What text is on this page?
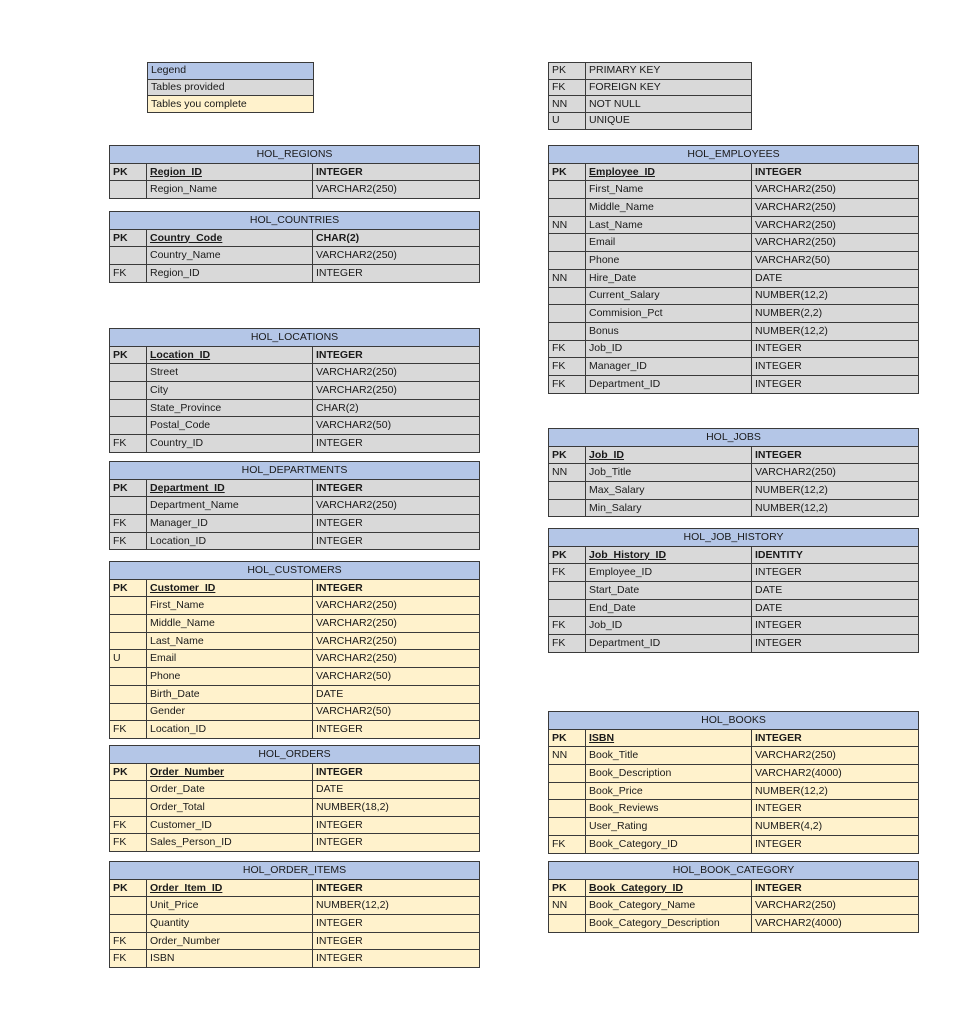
Legend
Tables provided
Tables you complete
PK	PRIMARY KEY
FK	FOREIGN KEY
NN	NOT NULL
U	UNIQUE
HOL_REGIONS		
PK	Region_ID	INTEGER
	Region_Name	VARCHAR2(250)
HOL_COUNTRIES		
PK	Country_Code	CHAR(2)
	Country_Name	VARCHAR2(250)
FK	Region_ID	INTEGER
HOL_LOCATIONS		
PK	Location_ID	INTEGER
	Street	VARCHAR2(250)
	City	VARCHAR2(250)
	State_Province	CHAR(2)
	Postal_Code	VARCHAR2(50)
FK	Country_ID	INTEGER
HOL_DEPARTMENTS		
PK	Department_ID	INTEGER
	Department_Name	VARCHAR2(250)
FK	Manager_ID	INTEGER
FK	Location_ID	INTEGER
HOL_CUSTOMERS		
PK	Customer_ID	INTEGER
	First_Name	VARCHAR2(250)
	Middle_Name	VARCHAR2(250)
	Last_Name	VARCHAR2(250)
U	Email	VARCHAR2(250)
	Phone	VARCHAR2(50)
	Birth_Date	DATE
	Gender	VARCHAR2(50)
FK	Location_ID	INTEGER
HOL_ORDERS		
PK	Order_Number	INTEGER
	Order_Date	DATE
	Order_Total	NUMBER(18,2)
FK	Customer_ID	INTEGER
FK	Sales_Person_ID	INTEGER
HOL_ORDER_ITEMS		
PK	Order_Item_ID	INTEGER
	Unit_Price	NUMBER(12,2)
	Quantity	INTEGER
FK	Order_Number	INTEGER
FK	ISBN	INTEGER
HOL_EMPLOYEES		
PK	Employee_ID	INTEGER
	First_Name	VARCHAR2(250)
	Middle_Name	VARCHAR2(250)
NN	Last_Name	VARCHAR2(250)
	Email	VARCHAR2(250)
	Phone	VARCHAR2(50)
NN	Hire_Date	DATE
	Current_Salary	NUMBER(12,2)
	Commision_Pct	NUMBER(2,2)
	Bonus	NUMBER(12,2)
FK	Job_ID	INTEGER
FK	Manager_ID	INTEGER
FK	Department_ID	INTEGER
HOL_JOBS		
PK	Job_ID	INTEGER
NN	Job_Title	VARCHAR2(250)
	Max_Salary	NUMBER(12,2)
	Min_Salary	NUMBER(12,2)
HOL_JOB_HISTORY		
PK	Job_History_ID	IDENTITY
FK	Employee_ID	INTEGER
	Start_Date	DATE
	End_Date	DATE
FK	Job_ID	INTEGER
FK	Department_ID	INTEGER
HOL_BOOKS		
PK	ISBN	INTEGER
NN	Book_Title	VARCHAR2(250)
	Book_Description	VARCHAR2(4000)
	Book_Price	NUMBER(12,2)
	Book_Reviews	INTEGER
	User_Rating	NUMBER(4,2)
FK	Book_Category_ID	INTEGER
HOL_BOOK_CATEGORY		
PK	Book_Category_ID	INTEGER
NN	Book_Category_Name	VARCHAR2(250)
	Book_Category_Description	VARCHAR2(4000)
